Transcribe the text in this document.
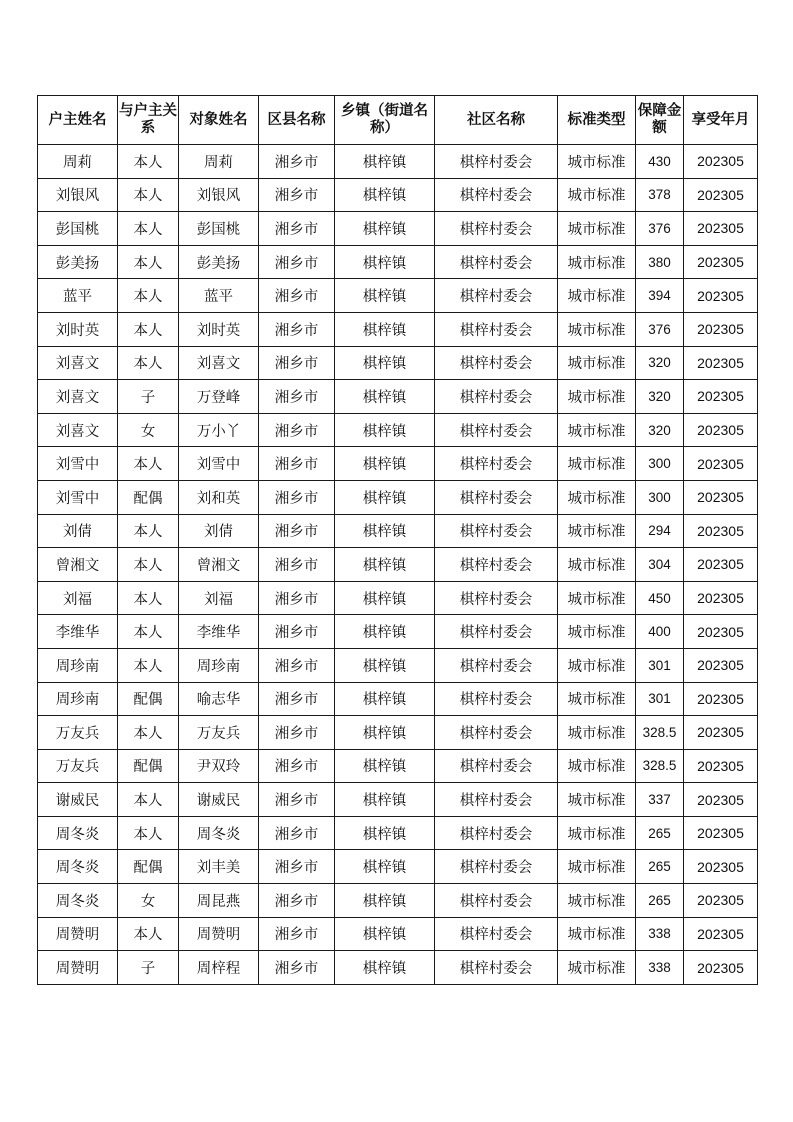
户主姓名	与户主关系	对象姓名	区县名称	乡镇（街道名称）	社区名称	标准类型	保障金额	享受年月
周莉	本人	周莉	湘乡市	棋梓镇	棋梓村委会	城市标准	430	202305
刘银风	本人	刘银风	湘乡市	棋梓镇	棋梓村委会	城市标准	378	202305
彭国桃	本人	彭国桃	湘乡市	棋梓镇	棋梓村委会	城市标准	376	202305
彭美扬	本人	彭美扬	湘乡市	棋梓镇	棋梓村委会	城市标准	380	202305
蓝平	本人	蓝平	湘乡市	棋梓镇	棋梓村委会	城市标准	394	202305
刘时英	本人	刘时英	湘乡市	棋梓镇	棋梓村委会	城市标准	376	202305
刘喜文	本人	刘喜文	湘乡市	棋梓镇	棋梓村委会	城市标准	320	202305
刘喜文	子	万登峰	湘乡市	棋梓镇	棋梓村委会	城市标准	320	202305
刘喜文	女	万小丫	湘乡市	棋梓镇	棋梓村委会	城市标准	320	202305
刘雪中	本人	刘雪中	湘乡市	棋梓镇	棋梓村委会	城市标准	300	202305
刘雪中	配偶	刘和英	湘乡市	棋梓镇	棋梓村委会	城市标准	300	202305
刘倩	本人	刘倩	湘乡市	棋梓镇	棋梓村委会	城市标准	294	202305
曾湘文	本人	曾湘文	湘乡市	棋梓镇	棋梓村委会	城市标准	304	202305
刘福	本人	刘福	湘乡市	棋梓镇	棋梓村委会	城市标准	450	202305
李维华	本人	李维华	湘乡市	棋梓镇	棋梓村委会	城市标准	400	202305
周珍南	本人	周珍南	湘乡市	棋梓镇	棋梓村委会	城市标准	301	202305
周珍南	配偶	喻志华	湘乡市	棋梓镇	棋梓村委会	城市标准	301	202305
万友兵	本人	万友兵	湘乡市	棋梓镇	棋梓村委会	城市标准	328.5	202305
万友兵	配偶	尹双玲	湘乡市	棋梓镇	棋梓村委会	城市标准	328.5	202305
谢威民	本人	谢威民	湘乡市	棋梓镇	棋梓村委会	城市标准	337	202305
周冬炎	本人	周冬炎	湘乡市	棋梓镇	棋梓村委会	城市标准	265	202305
周冬炎	配偶	刘丰美	湘乡市	棋梓镇	棋梓村委会	城市标准	265	202305
周冬炎	女	周昆燕	湘乡市	棋梓镇	棋梓村委会	城市标准	265	202305
周赞明	本人	周赞明	湘乡市	棋梓镇	棋梓村委会	城市标准	338	202305
周赞明	子	周梓程	湘乡市	棋梓镇	棋梓村委会	城市标准	338	202305
